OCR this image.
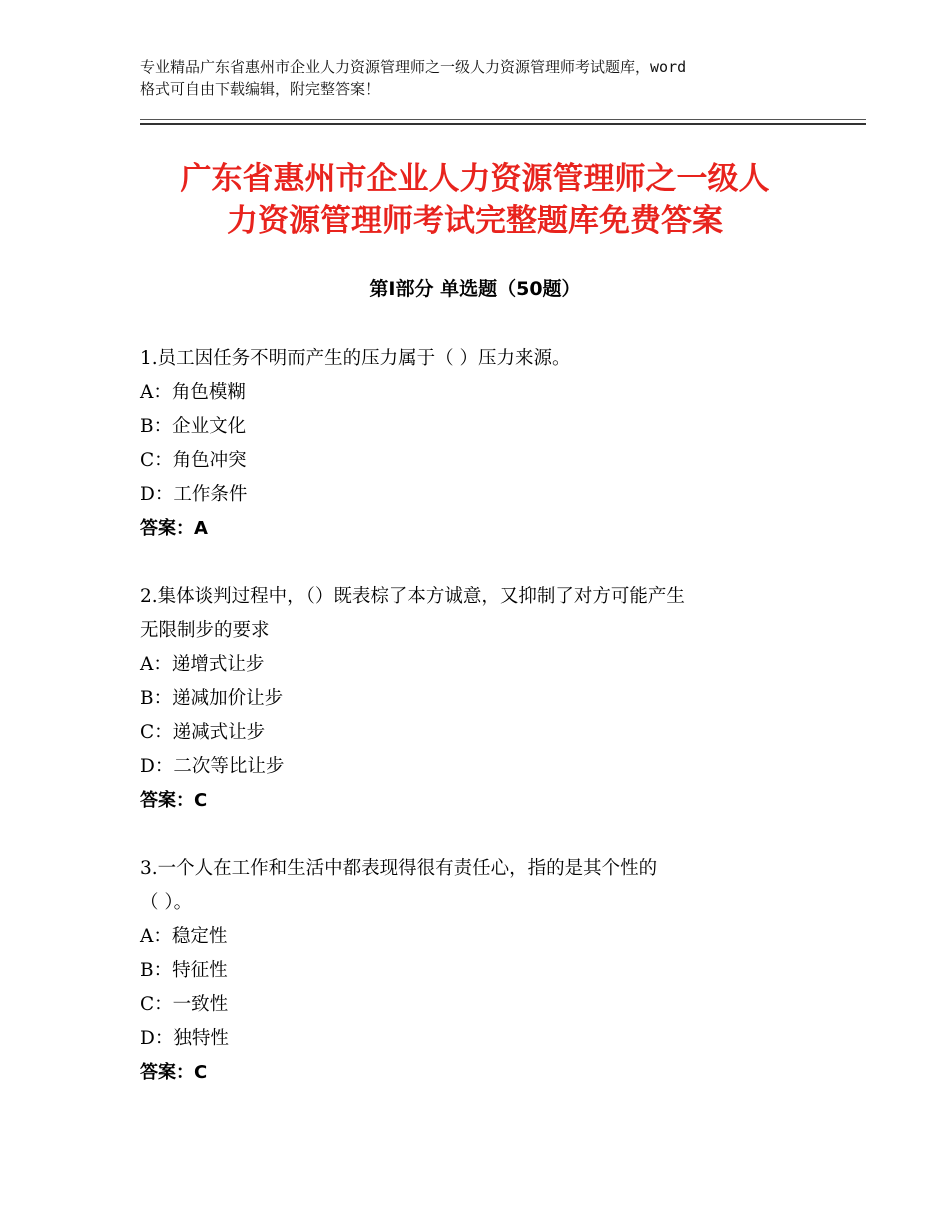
专业精品广东省惠州市企业人力资源管理师之一级人力资源管理师考试题库，word
格式可自由下载编辑，附完整答案！
广东省惠州市企业人力资源管理师之一级人
力资源管理师考试完整题库免费答案
第Ⅰ部分 单选题（50题）
1.员工因任务不明而产生的压力属于（ ）压力来源。
A：角色模糊
B：企业文化
C：角色冲突
D：工作条件
答案：A
2.集体谈判过程中，（）既表棕了本方诚意，又抑制了对方可能产生
无限制步的要求
A：递增式让步
B：递减加价让步
C：递减式让步
D：二次等比让步
答案：C
3.一个人在工作和生活中都表现得很有责任心，指的是其个性的
（ ）。
A：稳定性
B：特征性
C：一致性
D：独特性
答案：C
